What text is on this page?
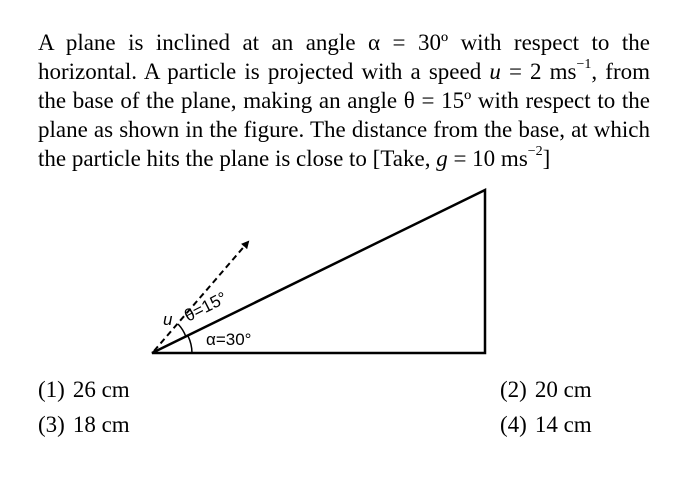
A plane is inclined at an angle α = 30º with respect to the horizontal. A particle is projected with a speed u = 2 $ms^{-1}$, from the base of the plane, making an angle θ = 15º with respect to the plane as shown in the figure. The distance from the base, at which the particle hits the plane is close to [Take, g = 10 $ms^{-2}$]

u θ=15°
α=30°
(1) 26 cm	(2) 20 cm
(3) 18 cm	(4) 14 cm
